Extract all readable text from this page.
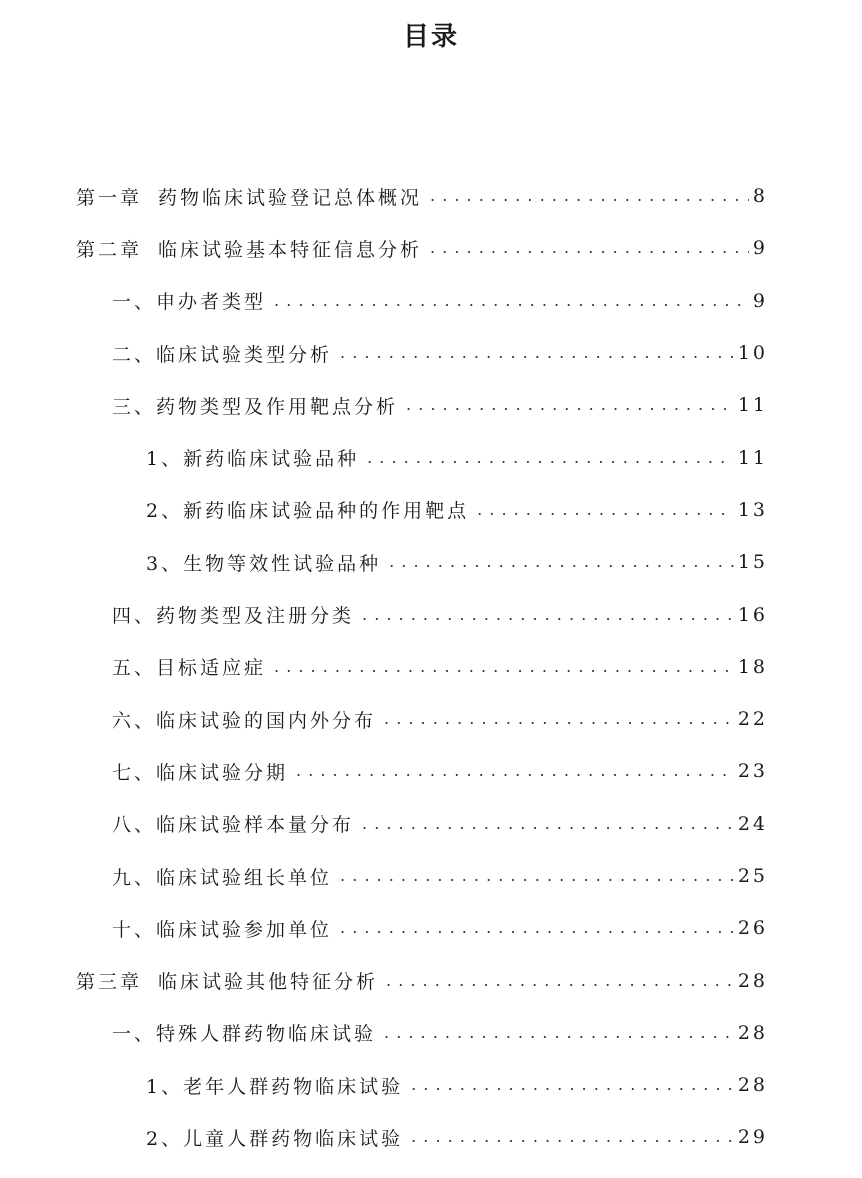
目录
第一章 药物临床试验登记总体概况 . . .	8
第二章 临床试验基本特征信息分析 . . .	9
一、 申办者类型 . . .	9
二、 临床试验类型分析 . . .	10
三、 药物类型及作用靶点分析 . . .	11
1、 新药临床试验品种 . . .	11
2、 新药临床试验品种的作用靶点 . . .	13
3、 生物等效性试验品种 . . .	15
四、 药物类型及注册分类 . . .	16
五、 目标适应症 . . .	18
六、 临床试验的国内外分布 . . .	22
七、 临床试验分期 . . .	23
八、 临床试验样本量分布 . . .	24
九、 临床试验组长单位 . . .	25
十、 临床试验参加单位 . . .	26
第三章 临床试验其他特征分析 . . .	28
一、 特殊人群药物临床试验 . . .	28
1、 老年人群药物临床试验 . . .	28
2、 儿童人群药物临床试验 . . .	29
